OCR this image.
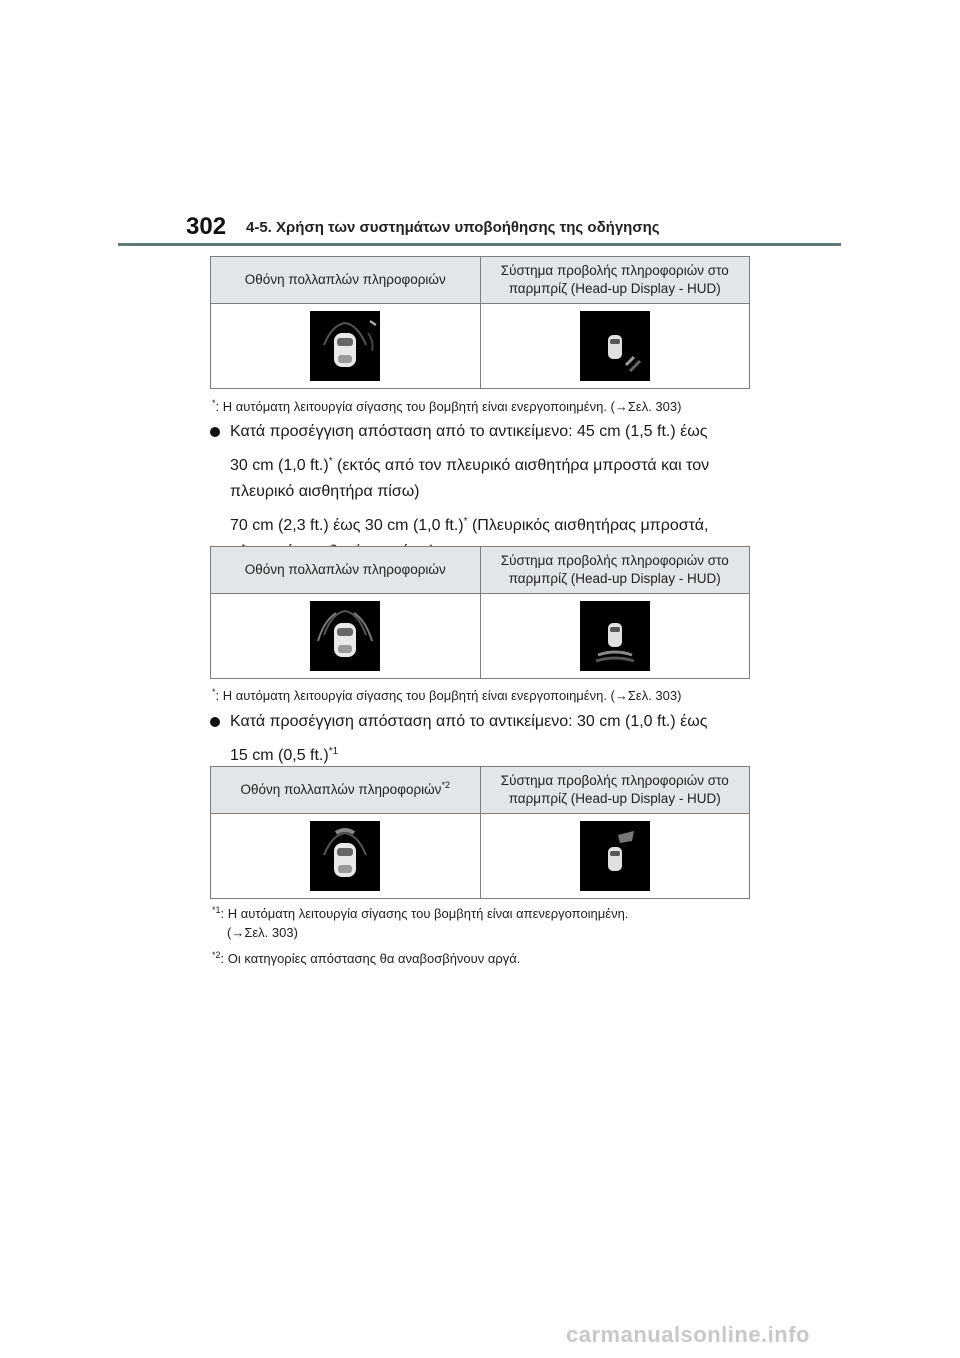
302 4-5. Χρήση των συστημάτων υποβοήθησης της οδήγησης
Οθόνη πολλαπλών πληροφοριών	Σύστημα προβολής πληροφοριών στο
παρμπρίζ (Head-up Display - HUD)

*: Η αυτόματη λειτουργία σίγασης του βομβητή είναι ενεργοποιημένη. (→Σελ. 303)

Κατά προσέγγιση απόσταση από το αντικείμενο: 45 cm (1,5 ft.) έως

30 cm (1,0 ft.)* (εκτός από τον πλευρικό αισθητήρα μπροστά και τον

πλευρικό αισθητήρα πίσω)

70 cm (2,3 ft.) έως 30 cm (1,0 ft.)* (Πλευρικός αισθητήρας μπροστά,

Οθόνη πολλαπλών πληροφοριών	Σύστημα προβολής πληροφοριών στο
παρμπρίζ (Head-up Display - HUD)

*: Η αυτόματη λειτουργία σίγασης του βομβητή είναι ενεργοποιημένη. (→Σελ. 303)

Κατά προσέγγιση απόσταση από το αντικείμενο: 30 cm (1,0 ft.) έως

15 cm (0,5 ft.)$^{*1}$

Οθόνη πολλαπλών πληροφοριών$^{*2}$	Σύστημα προβολής πληροφοριών στο
παρμπρίζ (Head-up Display - HUD)

$^{*1}$: Η αυτόματη λειτουργία σίγασης του βομβητή είναι απενεργοποιημένη.
(→Σελ. 303)
$^{*2}$: Οι κατηγορίες απόστασης θα αναβοσβήνουν αργά.
carmanualsonline.info
